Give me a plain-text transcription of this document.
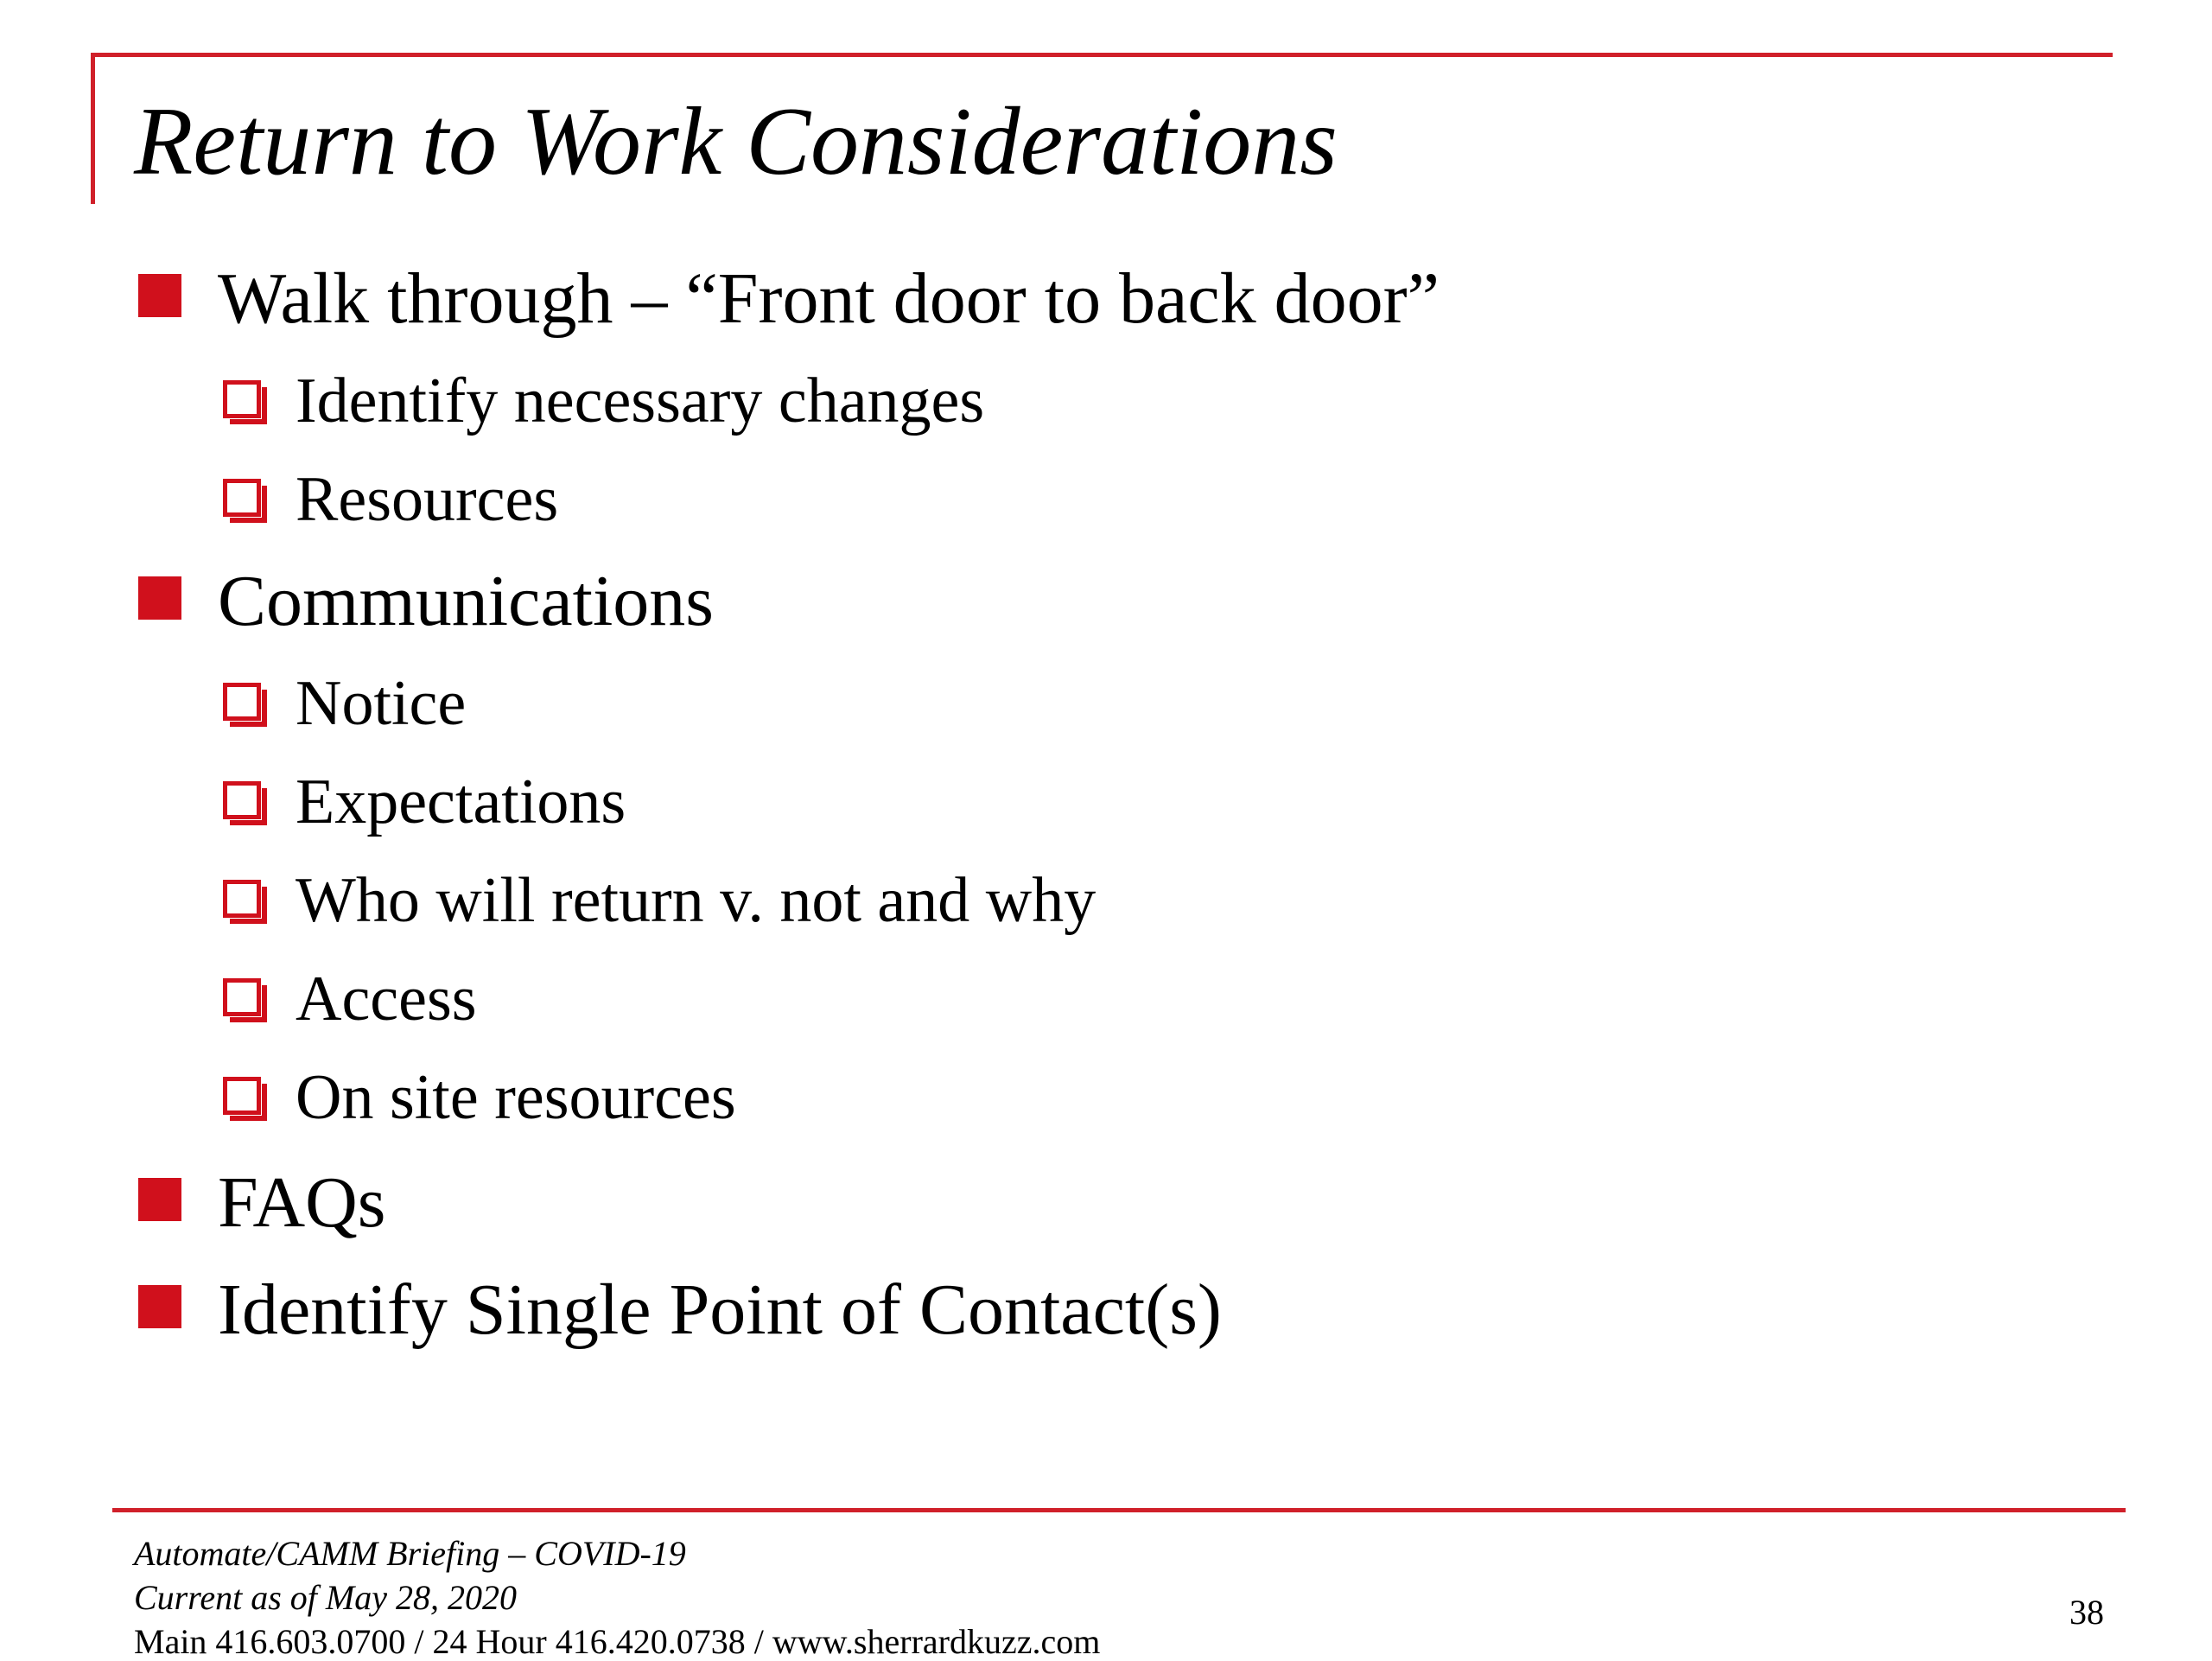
Return to Work Considerations
Walk through – “Front door to back door”
Identify necessary changes
Resources
Communications
Notice
Expectations
Who will return v. not and why
Access
On site resources
FAQs
Identify Single Point of Contact(s)
Automate/CAMM Briefing – COVID-19
Current as of May 28, 2020
Main 416.603.0700 / 24 Hour 416.420.0738 / www.sherrardkuzz.com
38
